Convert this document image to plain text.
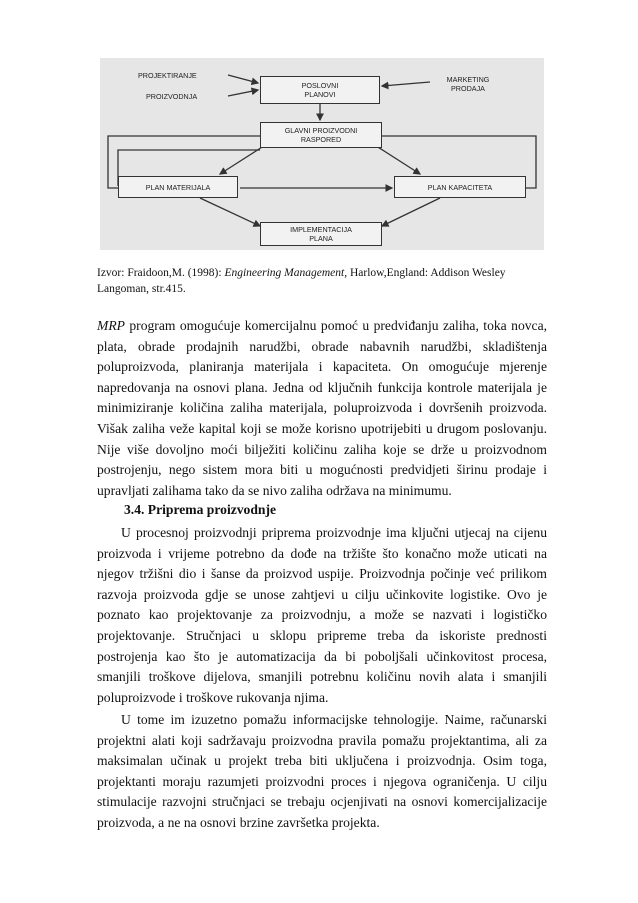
PROJEKTIRANJE
PROIZVODNJA
MARKETING
PRODAJA
POSLOVNI
PLANOVI
GLAVNI PROIZVODNI
RASPORED
PLAN MATERIJALA	PLAN KAPACITETA
IMPLEMENTACIJA
PLANA
Izvor: Fraidoon,M. (1998): Engineering Management, Harlow,England: Addison Wesley Langoman, str.415.

MRP program omogućuje komercijalnu pomoć u predviđanju zaliha, toka novca, plata, obrade prodajnih narudžbi, obrade nabavnih narudžbi, skladištenja poluproizvoda, planiranja materijala i kapaciteta. On omogućuje mjerenje napredovanja na osnovi plana. Jedna od ključnih funkcija kontrole materijala je minimiziranje količina zaliha materijala, poluproizvoda i dovršenih proizvoda. Višak zaliha veže kapital koji se može korisno upotrijebiti u drugom poslovanju. Nije više dovoljno moći bilježiti količinu zaliha koje se drže u proizvodnom postrojenju, nego sistem mora biti u mogućnosti predvidjeti širinu prodaje i upravljati zalihama tako da se nivo zaliha održava na minimumu.

3.4. Priprema proizvodnje

U procesnoj proizvodnji priprema proizvodnje ima ključni utjecaj na cijenu proizvoda i vrijeme potrebno da dođe na tržište što konačno može uticati na njegov tržišni dio i šanse da proizvod uspije. Proizvodnja počinje već prilikom razvoja proizvoda gdje se unose zahtjevi u cilju učinkovite logistike. Ovo je poznato kao projektovanje za proizvodnju, a može se nazvati i logističko projektovanje. Stručnjaci u sklopu pripreme treba da iskoriste prednosti postrojenja kao što je automatizacija da bi poboljšali učinkovitost procesa, smanjili troškove dijelova, smanjili potrebnu količinu novih alata i smanjili poluproizvode i troškove rukovanja njima.

U tome im izuzetno pomažu informacijske tehnologije. Naime, računarski projektni alati koji sadržavaju proizvodna pravila pomažu projektantima, ali za maksimalan učinak u projekt treba biti uključena i proizvodnja. Osim toga, projektanti moraju razumjeti proizvodni proces i njegova ograničenja. U cilju stimulacije razvojni stručnjaci se trebaju ocjenjivati na osnovi komercijalizacije proizvoda, a ne na osnovi brzine završetka projekta.
